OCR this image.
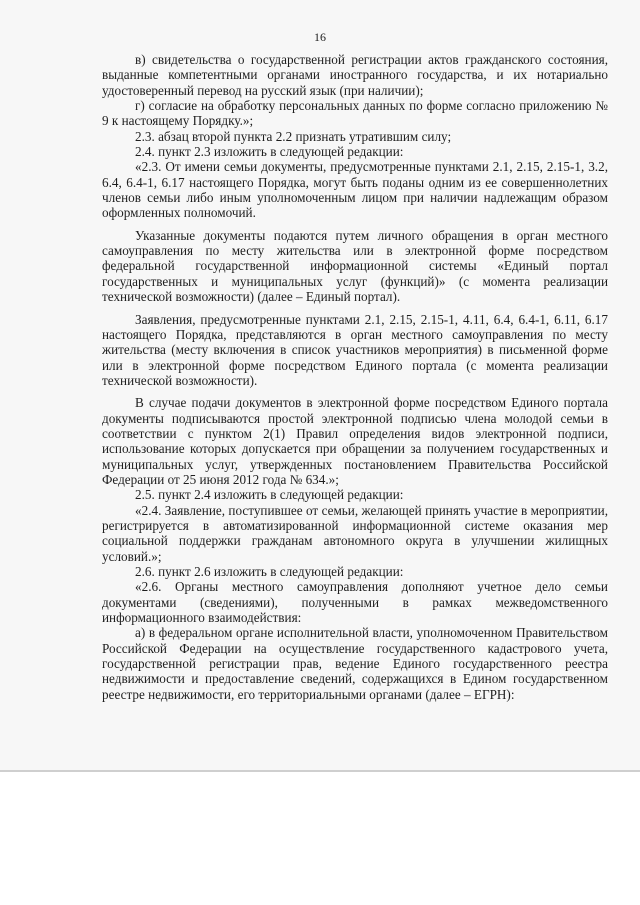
16

в) свидетельства о государственной регистрации актов гражданского состояния, выданные компетентными органами иностранного государства, и их нотариально удостоверенный перевод на русский язык (при наличии);

г) согласие на обработку персональных данных по форме согласно приложению № 9 к настоящему Порядку.»;

2.3. абзац второй пункта 2.2 признать утратившим силу;

2.4. пункт 2.3 изложить в следующей редакции:

«2.3. От имени семьи документы, предусмотренные пунктами 2.1, 2.15, 2.15-1, 3.2, 6.4, 6.4-1, 6.17 настоящего Порядка, могут быть поданы одним из ее совершеннолетних членов семьи либо иным уполномоченным лицом при наличии надлежащим образом оформленных полномочий.

Указанные документы подаются путем личного обращения в орган местного самоуправления по месту жительства или в электронной форме посредством федеральной государственной информационной системы «Единый портал государственных и муниципальных услуг (функций)» (с момента реализации технической возможности) (далее – Единый портал).

Заявления, предусмотренные пунктами 2.1, 2.15, 2.15-1, 4.11, 6.4, 6.4-1, 6.11, 6.17 настоящего Порядка, представляются в орган местного самоуправления по месту жительства (месту включения в список участников мероприятия) в письменной форме или в электронной форме посредством Единого портала (с момента реализации технической возможности).

В случае подачи документов в электронной форме посредством Единого портала документы подписываются простой электронной подписью члена молодой семьи в соответствии с пунктом 2(1) Правил определения видов электронной подписи, использование которых допускается при обращении за получением государственных и муниципальных услуг, утвержденных постановлением Правительства Российской Федерации от 25 июня 2012 года № 634.»;

2.5. пункт 2.4 изложить в следующей редакции:

«2.4. Заявление, поступившее от семьи, желающей принять участие в мероприятии, регистрируется в автоматизированной информационной системе оказания мер социальной поддержки гражданам автономного округа в улучшении жилищных условий.»;

2.6. пункт 2.6 изложить в следующей редакции:

«2.6. Органы местного самоуправления дополняют учетное дело семьи документами (сведениями), полученными в рамках межведомственного информационного взаимодействия:

а) в федеральном органе исполнительной власти, уполномоченном Правительством Российской Федерации на осуществление государственного кадастрового учета, государственной регистрации прав, ведение Единого государственного реестра недвижимости и предоставление сведений, содержащихся в Едином государственном реестре недвижимости, его территориальными органами (далее – ЕГРН):
